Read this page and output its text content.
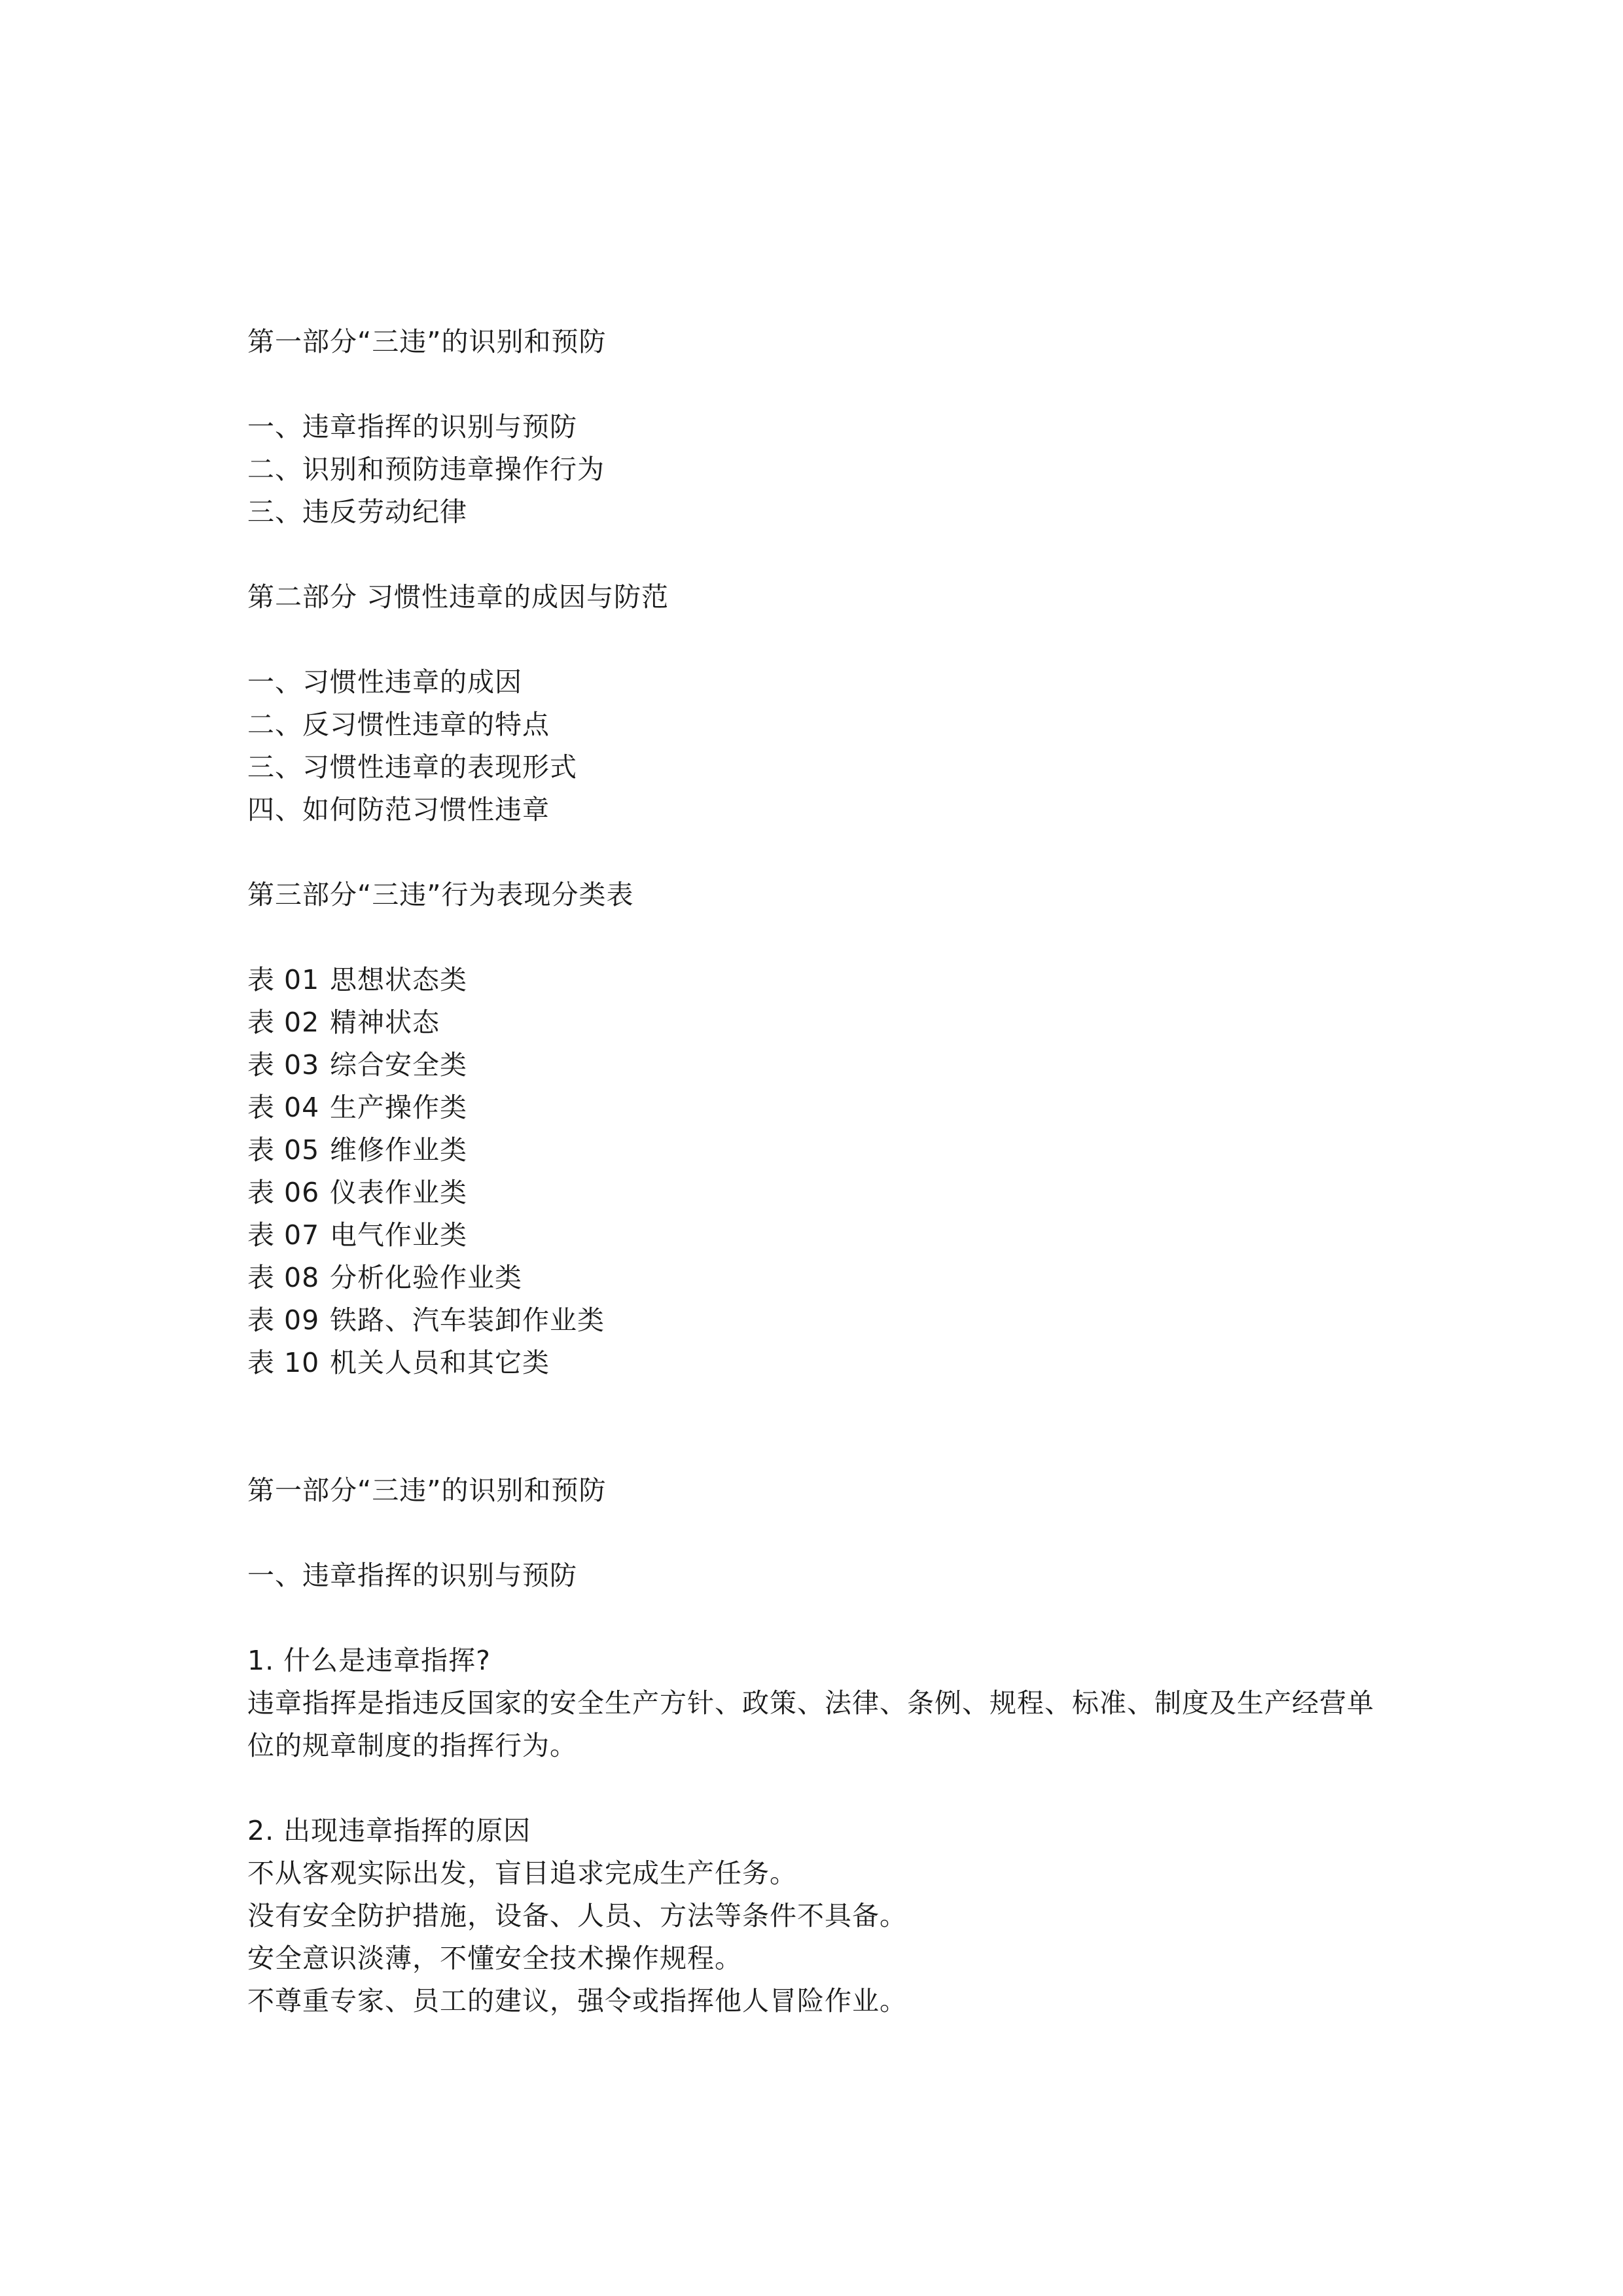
第一部分“三违”的识别和预防
一、违章指挥的识别与预防
二、识别和预防违章操作行为
三、违反劳动纪律
第二部分 习惯性违章的成因与防范
一、习惯性违章的成因
二、反习惯性违章的特点
三、习惯性违章的表现形式
四、如何防范习惯性违章
第三部分“三违”行为表现分类表
表 01 思想状态类
表 02 精神状态
表 03 综合安全类
表 04 生产操作类
表 05 维修作业类
表 06 仪表作业类
表 07 电气作业类
表 08 分析化验作业类
表 09 铁路、汽车装卸作业类
表 10 机关人员和其它类
第一部分“三违”的识别和预防
一、违章指挥的识别与预防
1. 什么是违章指挥?
违章指挥是指违反国家的安全生产方针、政策、法律、条例、规程、标准、制度及生产经营单位的规章制度的指挥行为。
2. 出现违章指挥的原因
不从客观实际出发，盲目追求完成生产任务。
没有安全防护措施，设备、人员、方法等条件不具备。
安全意识淡薄，不懂安全技术操作规程。
不尊重专家、员工的建议，强令或指挥他人冒险作业。
